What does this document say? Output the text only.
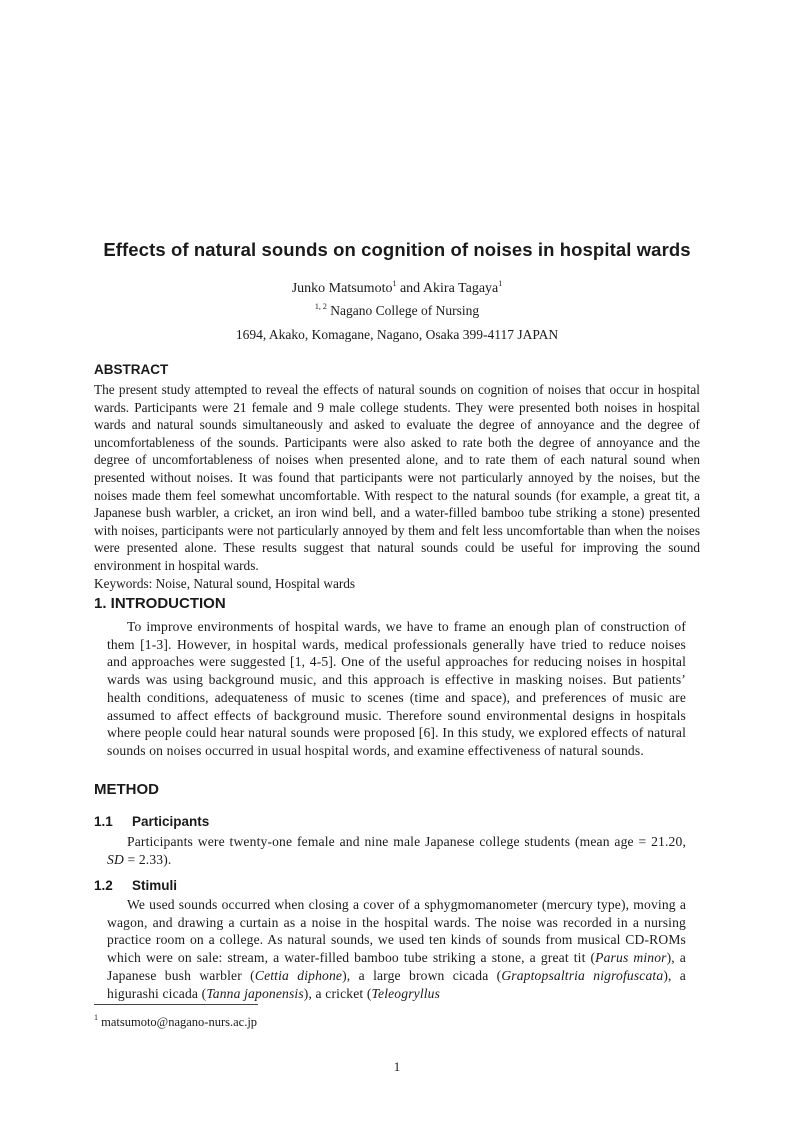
Effects of natural sounds on cognition of noises in hospital wards
Junko Matsumoto$^1$ and Akira Tagaya$^1$
$^{1, 2}$ Nagano College of Nursing
1694, Akako, Komagane, Nagano, Osaka 399-4117 JAPAN
ABSTRACT

The present study attempted to reveal the effects of natural sounds on cognition of noises that occur in hospital wards. Participants were 21 female and 9 male college students. They were presented both noises in hospital wards and natural sounds simultaneously and asked to evaluate the degree of annoyance and the degree of uncomfortableness of the sounds. Participants were also asked to rate both the degree of annoyance and the degree of uncomfortableness of noises when presented alone, and to rate them of each natural sound when presented without noises. It was found that participants were not particularly annoyed by the noises, but the noises made them feel somewhat uncomfortable. With respect to the natural sounds (for example, a great tit, a Japanese bush warbler, a cricket, an iron wind bell, and a water-filled bamboo tube striking a stone) presented with noises, participants were not particularly annoyed by them and felt less uncomfortable than when the noises were presented alone. These results suggest that natural sounds could be useful for improving the sound environment in hospital wards.

Keywords: Noise, Natural sound, Hospital wards

1. INTRODUCTION

To improve environments of hospital wards, we have to frame an enough plan of construction of them [1-3]. However, in hospital wards, medical professionals generally have tried to reduce noises and approaches were suggested [1, 4-5]. One of the useful approaches for reducing noises in hospital wards was using background music, and this approach is effective in masking noises. But patients’ health conditions, adequateness of music to scenes (time and space), and preferences of music are assumed to affect effects of background music. Therefore sound environmental designs in hospitals where people could hear natural sounds were proposed [6]. In this study, we explored effects of natural sounds on noises occurred in usual hospital words, and examine effectiveness of natural sounds.

METHOD
1.1 Participants

Participants were twenty-one female and nine male Japanese college students (mean age = 21.20, SD = 2.33).

1.2 Stimuli

We used sounds occurred when closing a cover of a sphygmomanometer (mercury type), moving a wagon, and drawing a curtain as a noise in the hospital wards. The noise was recorded in a nursing practice room on a college. As natural sounds, we used ten kinds of sounds from musical CD-ROMs which were on sale: stream, a water-filled bamboo tube striking a stone, a great tit (Parus minor), a Japanese bush warbler (Cettia diphone), a large brown cicada (Graptopsaltria nigrofuscata), a higurashi cicada (Tanna japonensis), a cricket (Teleogryllus

$^1$ matsumoto@nagano-nurs.ac.jp
1
